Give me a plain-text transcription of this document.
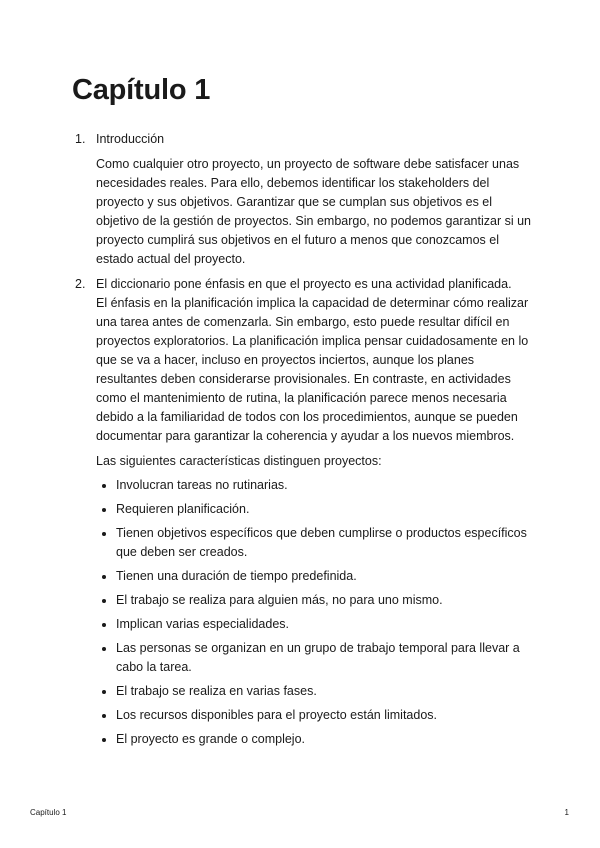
Capítulo 1
1. Introducción

Como cualquier otro proyecto, un proyecto de software debe satisfacer unas necesidades reales. Para ello, debemos identificar los stakeholders del proyecto y sus objetivos. Garantizar que se cumplan sus objetivos es el objetivo de la gestión de proyectos. Sin embargo, no podemos garantizar si un proyecto cumplirá sus objetivos en el futuro a menos que conozcamos el estado actual del proyecto.

2. El diccionario pone énfasis en que el proyecto es una actividad planificada.

El énfasis en la planificación implica la capacidad de determinar cómo realizar una tarea antes de comenzarla. Sin embargo, esto puede resultar difícil en proyectos exploratorios. La planificación implica pensar cuidadosamente en lo que se va a hacer, incluso en proyectos inciertos, aunque los planes resultantes deben considerarse provisionales. En contraste, en actividades como el mantenimiento de rutina, la planificación parece menos necesaria debido a la familiaridad de todos con los procedimientos, aunque se pueden documentar para garantizar la coherencia y ayudar a los nuevos miembros.

Las siguientes características distinguen proyectos:

Involucran tareas no rutinarias.
Requieren planificación.
Tienen objetivos específicos que deben cumplirse o productos específicos que deben ser creados.
Tienen una duración de tiempo predefinida.
El trabajo se realiza para alguien más, no para uno mismo.
Implican varias especialidades.
Las personas se organizan en un grupo de trabajo temporal para llevar a cabo la tarea.
El trabajo se realiza en varias fases.
Los recursos disponibles para el proyecto están limitados.
El proyecto es grande o complejo.
Capítulo 1	1
